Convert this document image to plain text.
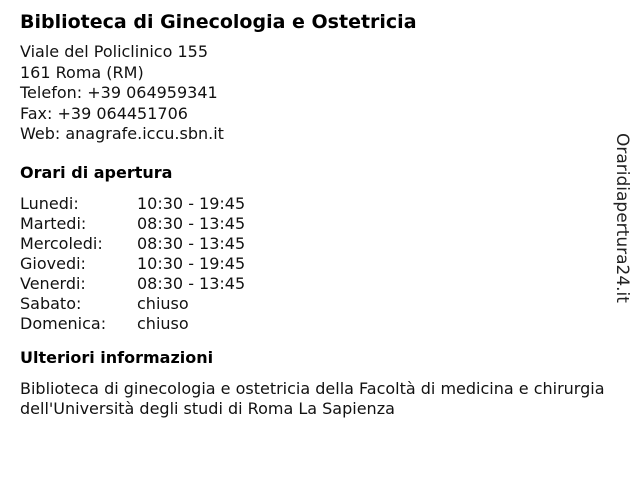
Biblioteca di Ginecologia e Ostetricia
Viale del Policlinico 155
161 Roma (RM)
Telefon: +39 064959341
Fax: +39 064451706
Web: anagrafe.iccu.sbn.it
Orari di apertura
Lunedi:	10:30 - 19:45
Martedi:	08:30 - 13:45
Mercoledi:	08:30 - 13:45
Giovedi:	10:30 - 19:45
Venerdi:	08:30 - 13:45
Sabato:	chiuso
Domenica:	chiuso
Ulteriori informazioni

Biblioteca di ginecologia e ostetricia della Facoltà di medicina e chirurgia dell'Università degli studi di Roma La Sapienza

Oraridiapertura24.it
